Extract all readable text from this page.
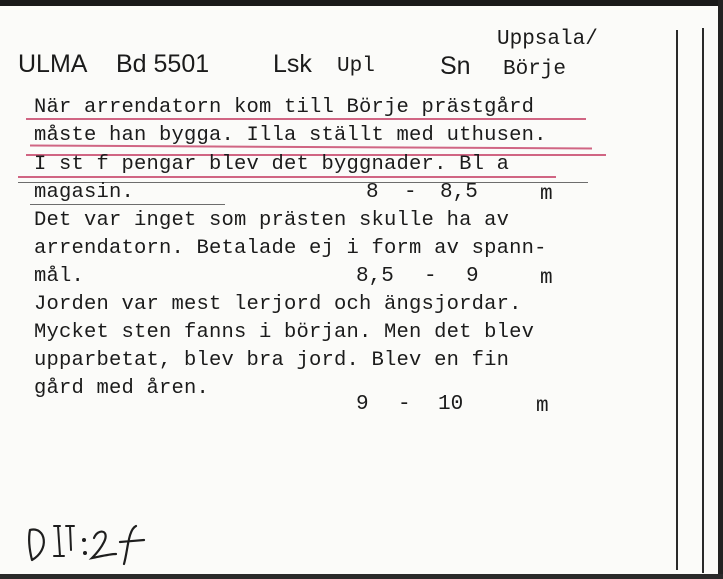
Uppsala/
ULMA Bd 5501	Lsk Upl	Sn Börje
När arrendatorn kom till Börje prästgård
måste han bygga. Illa ställt med uthusen.
I st f pengar blev det byggnader. Bl a
magasin.
Det var inget som prästen skulle ha av
arrendatorn. Betalade ej i form av spann-
mål.
Jorden var mest lerjord och ängsjordar.
Mycket sten fanns i början. Men det blev
upparbetat, blev bra jord. Blev en fin
gård med åren.
8 - 8,5	m
8,5 - 9	m
9 - 10	m
